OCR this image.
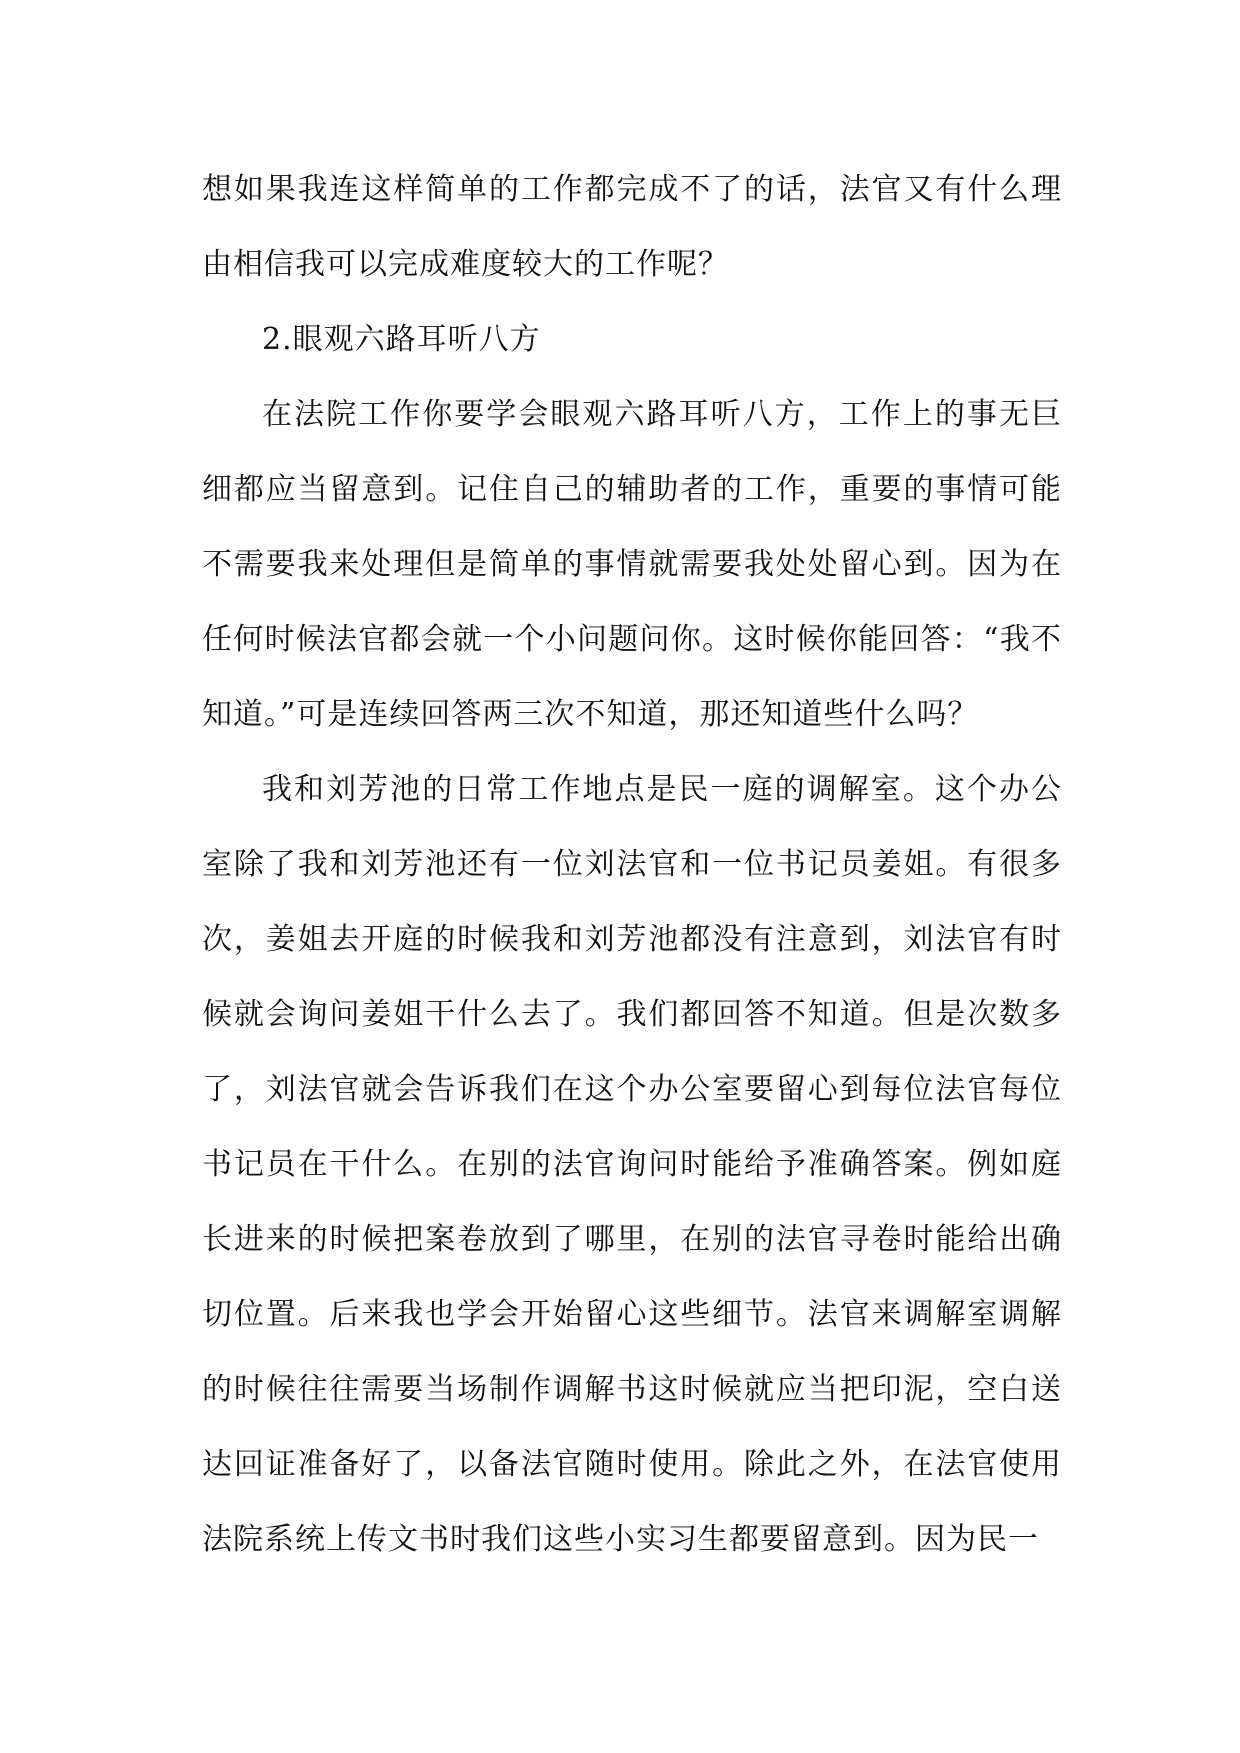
想如果我连这样简单的工作都完成不了的话，法官又有什么理由相信我可以完成难度较大的工作呢？

2.眼观六路耳听八方

在法院工作你要学会眼观六路耳听八方，工作上的事无巨细都应当留意到。记住自己的辅助者的工作，重要的事情可能不需要我来处理但是简单的事情就需要我处处留心到。因为在任何时候法官都会就一个小问题问你。这时候你能回答：“我不知道。”可是连续回答两三次不知道，那还知道些什么吗？

我和刘芳池的日常工作地点是民一庭的调解室。这个办公室除了我和刘芳池还有一位刘法官和一位书记员姜姐。有很多次，姜姐去开庭的时候我和刘芳池都没有注意到，刘法官有时候就会询问姜姐干什么去了。我们都回答不知道。但是次数多了，刘法官就会告诉我们在这个办公室要留心到每位法官每位书记员在干什么。在别的法官询问时能给予准确答案。例如庭长进来的时候把案卷放到了哪里，在别的法官寻卷时能给出确切位置。后来我也学会开始留心这些细节。法官来调解室调解的时候往往需要当场制作调解书这时候就应当把印泥，空白送达回证准备好了，以备法官随时使用。除此之外，在法官使用法院系统上传文书时我们这些小实习生都要留意到。因为民一
